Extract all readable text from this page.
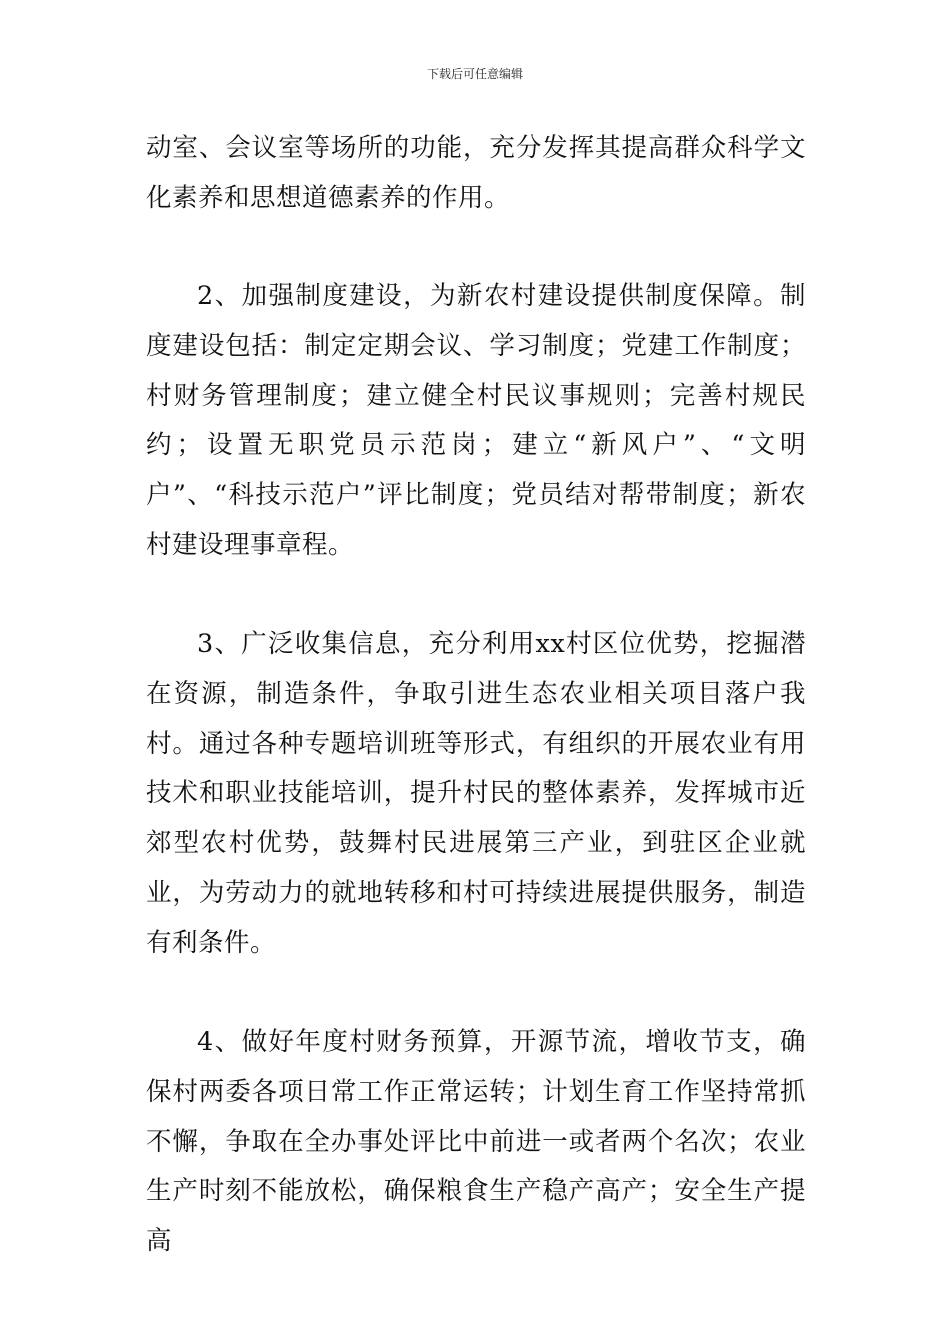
下载后可任意编辑

动室、会议室等场所的功能，充分发挥其提高群众科学文化素养和思想道德素养的作用。

2、加强制度建设，为新农村建设提供制度保障。制度建设包括：制定定期会议、学习制度；党建工作制度；村财务管理制度；建立健全村民议事规则；完善村规民约；设置无职党员示范岗；建立“新风户”、“文明户”、“科技示范户”评比制度；党员结对帮带制度；新农村建设理事章程。

3、广泛收集信息，充分利用xx村区位优势，挖掘潜在资源，制造条件，争取引进生态农业相关项目落户我村。通过各种专题培训班等形式，有组织的开展农业有用技术和职业技能培训，提升村民的整体素养，发挥城市近郊型农村优势，鼓舞村民进展第三产业，到驻区企业就业，为劳动力的就地转移和村可持续进展提供服务，制造有利条件。

4、做好年度村财务预算，开源节流，增收节支，确保村两委各项日常工作正常运转；计划生育工作坚持常抓不懈，争取在全办事处评比中前进一或者两个名次；农业生产时刻不能放松，确保粮食生产稳产高产；安全生产提高
